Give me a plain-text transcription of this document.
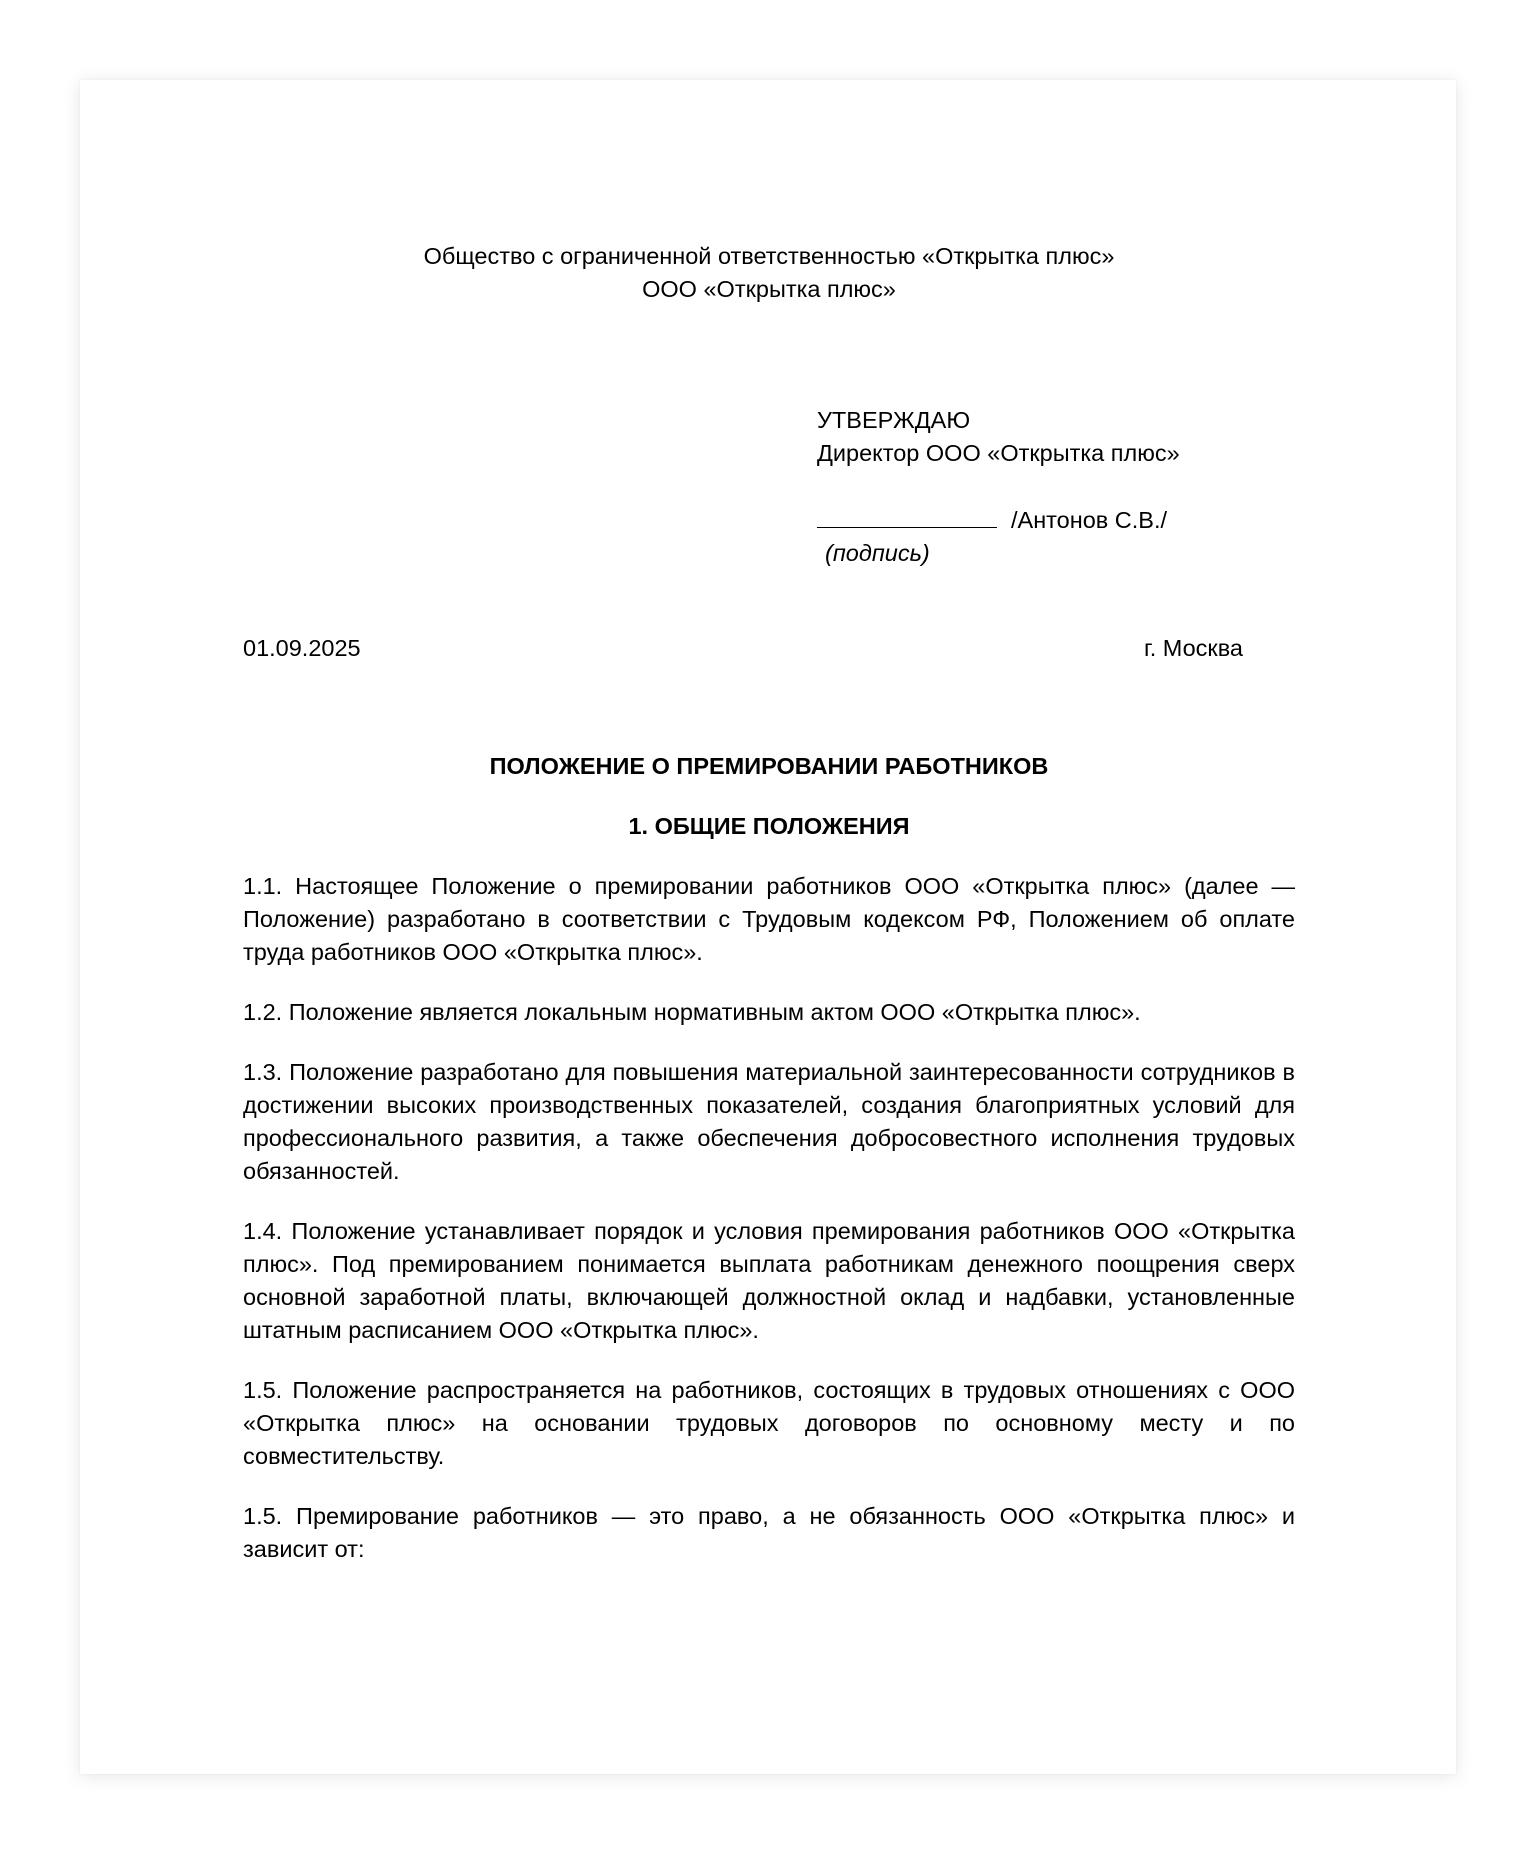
Общество с ограниченной ответственностью «Открытка плюс»
ООО «Открытка плюс»
УТВЕРЖДАЮ
Директор ООО «Открытка плюс»
/Антонов С.В./
(подпись)
01.09.2025	г. Москва
ПОЛОЖЕНИЕ О ПРЕМИРОВАНИИ РАБОТНИКОВ
1. ОБЩИЕ ПОЛОЖЕНИЯ

1.1. Настоящее Положение о премировании работников ООО «Открытка плюс» (далее — Положение) разработано в соответствии с Трудовым кодексом РФ, Положением об оплате труда работников ООО «Открытка плюс».

1.2. Положение является локальным нормативным актом ООО «Открытка плюс».

1.3. Положение разработано для повышения материальной заинтересованности сотрудников в достижении высоких производственных показателей, создания благоприятных условий для профессионального развития, а также обеспечения добросовестного исполнения трудовых обязанностей.

1.4. Положение устанавливает порядок и условия премирования работников ООО «Открытка плюс». Под премированием понимается выплата работникам денежного поощрения сверх основной заработной платы, включающей должностной оклад и надбавки, установленные штатным расписанием ООО «Открытка плюс».

1.5. Положение распространяется на работников, состоящих в трудовых отношениях с ООО «Открытка плюс» на основании трудовых договоров по основному месту и по совместительству.

1.5. Премирование работников — это право, а не обязанность ООО «Открытка плюс» и зависит от:
